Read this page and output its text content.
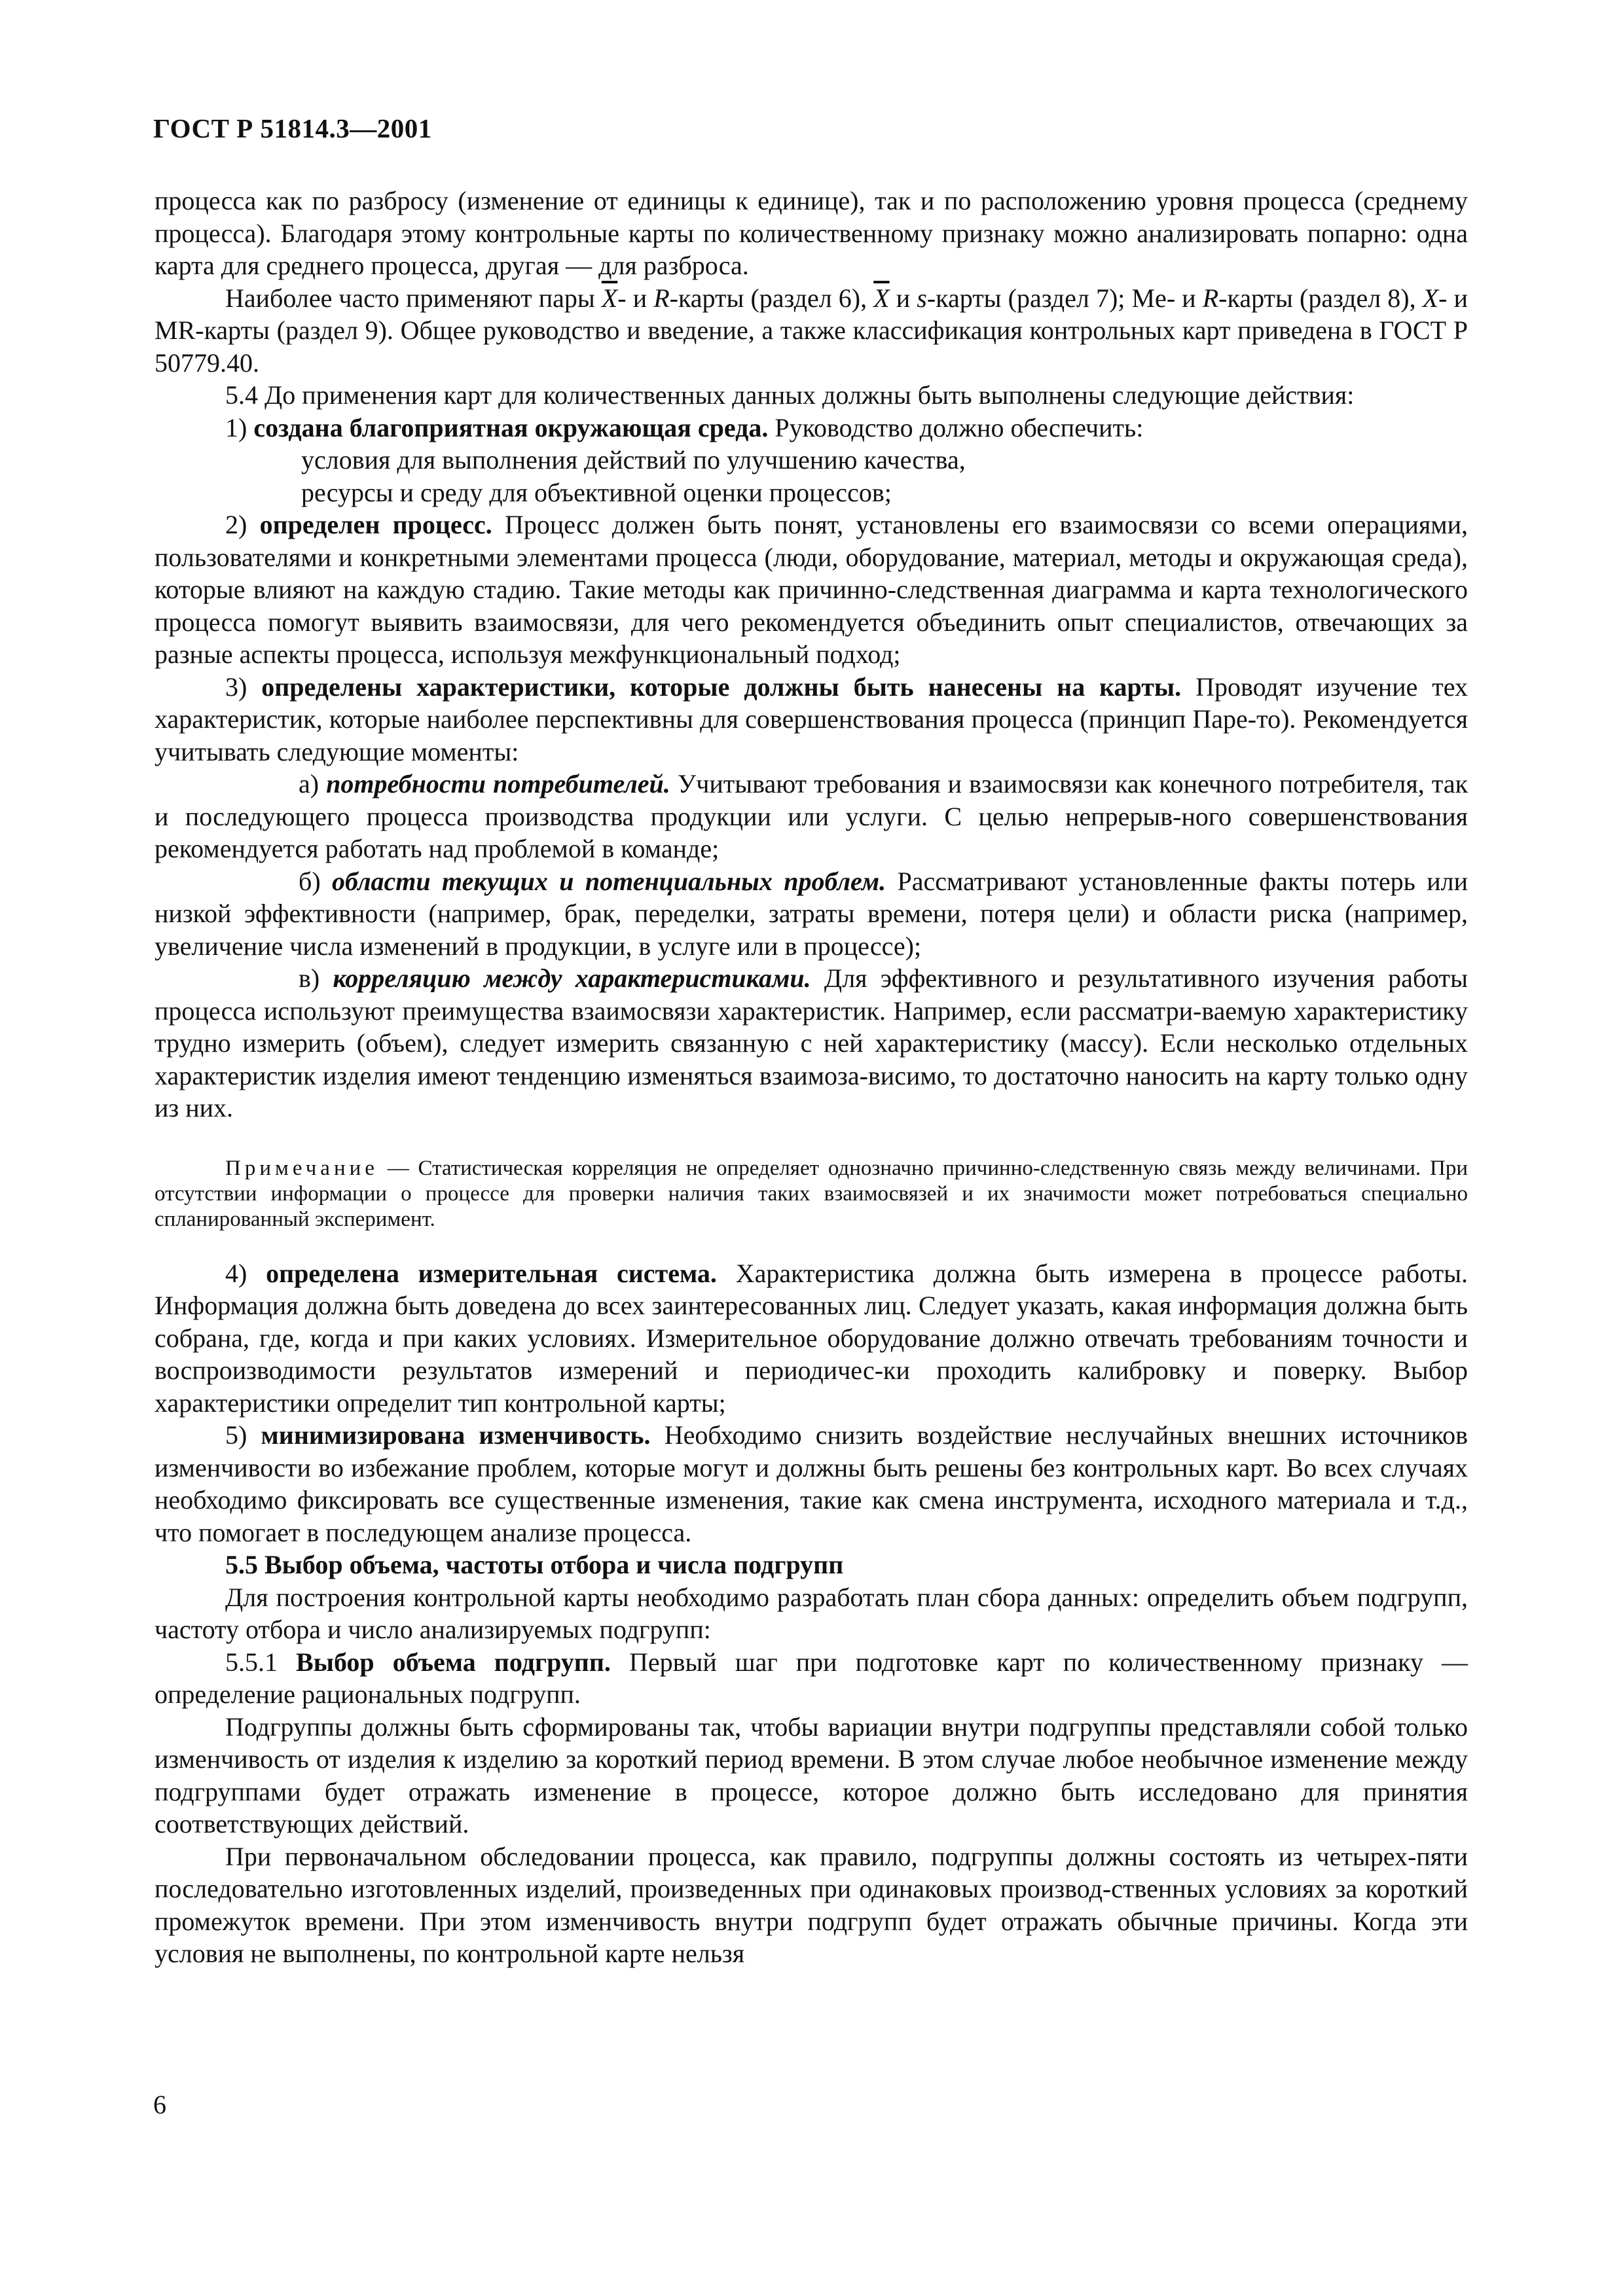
ГОСТ Р 51814.3—2001

процесса как по разбросу (изменение от единицы к единице), так и по расположению уровня процесса (среднему процесса). Благодаря этому контрольные карты по количественному признаку можно анализировать попарно: одна карта для среднего процесса, другая — для разброса.

Наиболее часто применяют пары $\overline{X}-$ и R-карты (раздел 6), $\overline{X}$ и s-карты (раздел 7); Me- и R-карты (раздел 8), X- и MR-карты (раздел 9). Общее руководство и введение, а также классификация контрольных карт приведена в ГОСТ Р 50779.40.

5.4 До применения карт для количественных данных должны быть выполнены следующие действия:

1) создана благоприятная окружающая среда. Руководство должно обеспечить:

условия для выполнения действий по улучшению качества,

ресурсы и среду для объективной оценки процессов;

2) определен процесс. Процесс должен быть понят, установлены его взаимосвязи со всеми операциями, пользователями и конкретными элементами процесса (люди, оборудование, материал, методы и окружающая среда), которые влияют на каждую стадию. Такие методы как причинно-следственная диаграмма и карта технологического процесса помогут выявить взаимосвязи, для чего рекомендуется объединить опыт специалистов, отвечающих за разные аспекты процесса, используя межфункциональный подход;

3) определены характеристики, которые должны быть нанесены на карты. Проводят изучение тех характеристик, которые наиболее перспективны для совершенствования процесса (принцип Паре-то). Рекомендуется учитывать следующие моменты:

а) потребности потребителей. Учитывают требования и взаимосвязи как конечного потребителя, так и последующего процесса производства продукции или услуги. С целью непрерыв-ного совершенствования рекомендуется работать над проблемой в команде;

б) области текущих и потенциальных проблем. Рассматривают установленные факты потерь или низкой эффективности (например, брак, переделки, затраты времени, потеря цели) и области риска (например, увеличение числа изменений в продукции, в услуге или в процессе);

в) корреляцию между характеристиками. Для эффективного и результативного изучения работы процесса используют преимущества взаимосвязи характеристик. Например, если рассматри-ваемую характеристику трудно измерить (объем), следует измерить связанную с ней характеристику (массу). Если несколько отдельных характеристик изделия имеют тенденцию изменяться взаимоза-висимо, то достаточно наносить на карту только одну из них.

Примечание — Статистическая корреляция не определяет однозначно причинно-следственную связь между величинами. При отсутствии информации о процессе для проверки наличия таких взаимосвязей и их значимости может потребоваться специально спланированный эксперимент.

4) определена измерительная система. Характеристика должна быть измерена в процессе работы. Информация должна быть доведена до всех заинтересованных лиц. Следует указать, какая информация должна быть собрана, где, когда и при каких условиях. Измерительное оборудование должно отвечать требованиям точности и воспроизводимости результатов измерений и периодичес-ки проходить калибровку и поверку. Выбор характеристики определит тип контрольной карты;

5) минимизирована изменчивость. Необходимо снизить воздействие неслучайных внешних источников изменчивости во избежание проблем, которые могут и должны быть решены без контрольных карт. Во всех случаях необходимо фиксировать все существенные изменения, такие как смена инструмента, исходного материала и т.д., что помогает в последующем анализе процесса.

5.5 Выбор объема, частоты отбора и числа подгрупп

Для построения контрольной карты необходимо разработать план сбора данных: определить объем подгрупп, частоту отбора и число анализируемых подгрупп:

5.5.1 Выбор объема подгрупп. Первый шаг при подготовке карт по количественному признаку — определение рациональных подгрупп.

Подгруппы должны быть сформированы так, чтобы вариации внутри подгруппы представляли собой только изменчивость от изделия к изделию за короткий период времени. В этом случае любое необычное изменение между подгруппами будет отражать изменение в процессе, которое должно быть исследовано для принятия соответствующих действий.

При первоначальном обследовании процесса, как правило, подгруппы должны состоять из четырех-пяти последовательно изготовленных изделий, произведенных при одинаковых производ-ственных условиях за короткий промежуток времени. При этом изменчивость внутри подгрупп будет отражать обычные причины. Когда эти условия не выполнены, по контрольной карте нельзя

6
